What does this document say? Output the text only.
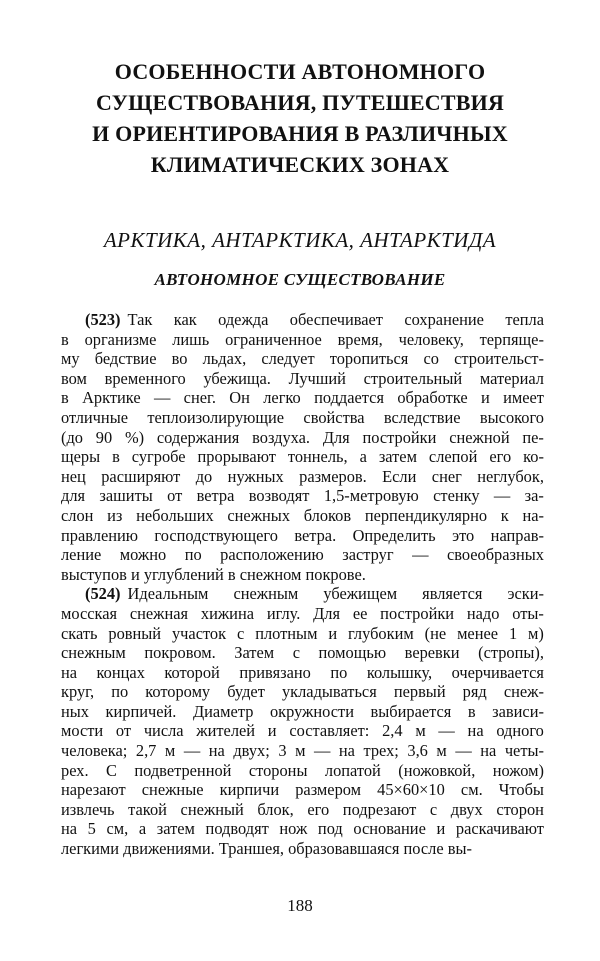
ОСОБЕННОСТИ АВТОНОМНОГО
СУЩЕСТВОВАНИЯ, ПУТЕШЕСТВИЯ
И ОРИЕНТИРОВАНИЯ В РАЗЛИЧНЫХ
КЛИМАТИЧЕСКИХ ЗОНАХ
АРКТИКА, АНТАРКТИКА, АНТАРКТИДА
АВТОНОМНОЕ СУЩЕСТВОВАНИЕ
(523) Так как одежда обеспечивает сохранение тепла
в организме лишь ограниченное время, человеку, терпяще-
му бедствие во льдах, следует торопиться со строительст-
вом временного убежища. Лучший строительный материал
в Арктике — снег. Он легко поддается обработке и имеет
отличные теплоизолирующие свойства вследствие высокого
(до 90 %) содержания воздуха. Для постройки снежной пе-
щеры в сугробе прорывают тоннель, а затем слепой его ко-
нец расширяют до нужных размеров. Если снег неглубок,
для зашиты от ветра возводят 1,5-метровую стенку — за-
слон из небольших снежных блоков перпендикулярно к на-
правлению господствующего ветра. Определить это направ-
ление можно по расположению заструг — своеобразных
выступов и углублений в снежном покрове.
(524) Идеальным снежным убежищем является эски-
мосская снежная хижина иглу. Для ее постройки надо оты-
скать ровный участок с плотным и глубоким (не менее 1 м)
снежным покровом. Затем с помощью веревки (стропы),
на концах которой привязано по колышку, очерчивается
круг, по которому будет укладываться первый ряд снеж-
ных кирпичей. Диаметр окружности выбирается в зависи-
мости от числа жителей и составляет: 2,4 м — на одного
человека; 2,7 м — на двух; 3 м — на трех; 3,6 м — на четы-
рех. С подветренной стороны лопатой (ножовкой, ножом)
нарезают снежные кирпичи размером 45×60×10 см. Чтобы
извлечь такой снежный блок, его подрезают с двух сторон
на 5 см, а затем подводят нож под основание и раскачивают
легкими движениями. Траншея, образовавшаяся после вы-
188
